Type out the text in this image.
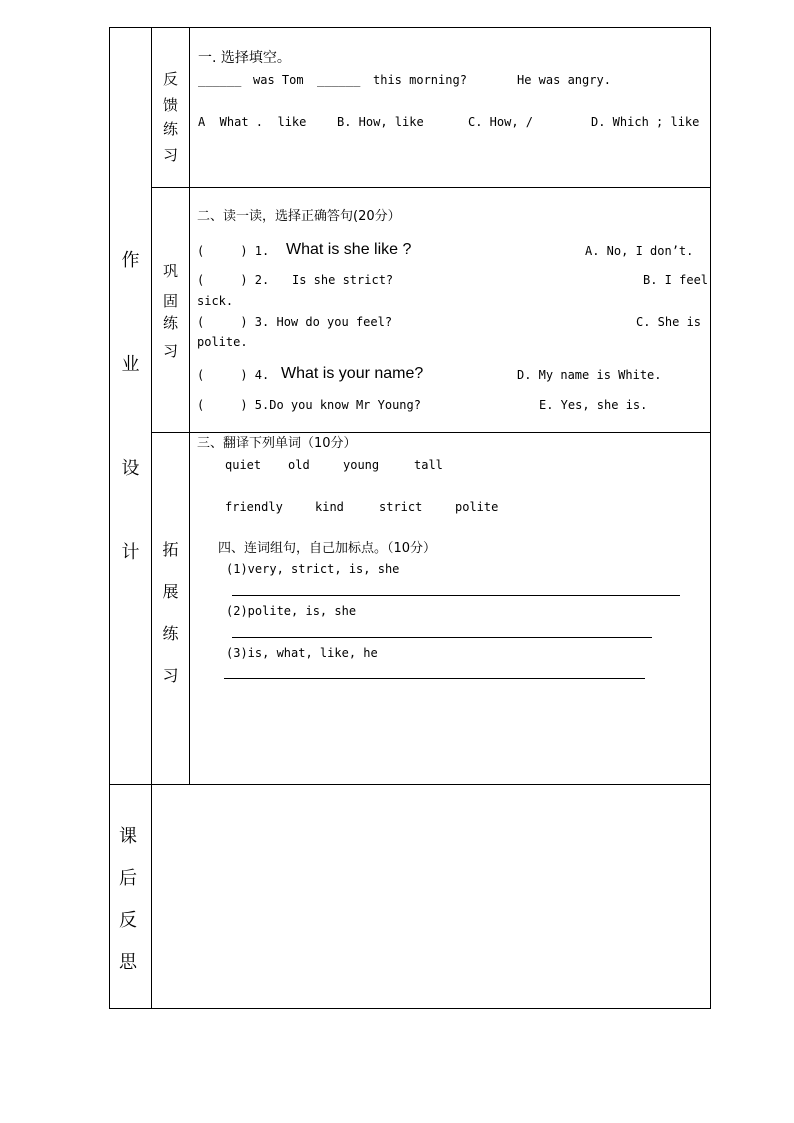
作
业
设
计
课
后
反
思
反
馈
练
习
巩
固
练
习
拓
展
练
习
一. 选择填空。
______ was Tom ______ this morning?	He was angry.
A  What .  like	B. How, like	C. How, /	D. Which ; like
二、读一读，选择正确答句(20分）
(     ) 1. What is she like ?	A. No, I don’t.
(     ) 2. Is she strict?	B. I feel
sick.
(     ) 3. How do you feel?	C. She is
polite.
(     ) 4. What is your name?	D. My name is White.
(     ) 5.Do you know Mr Young?	E. Yes, she is.
三、翻译下列单词（10分）
quiet old	young	tall
friendly	kind	strict	polite
四、连词组句，自己加标点。（10分）
(1)very, strict, is, she
(2)polite, is, she
(3)is, what, like, he
